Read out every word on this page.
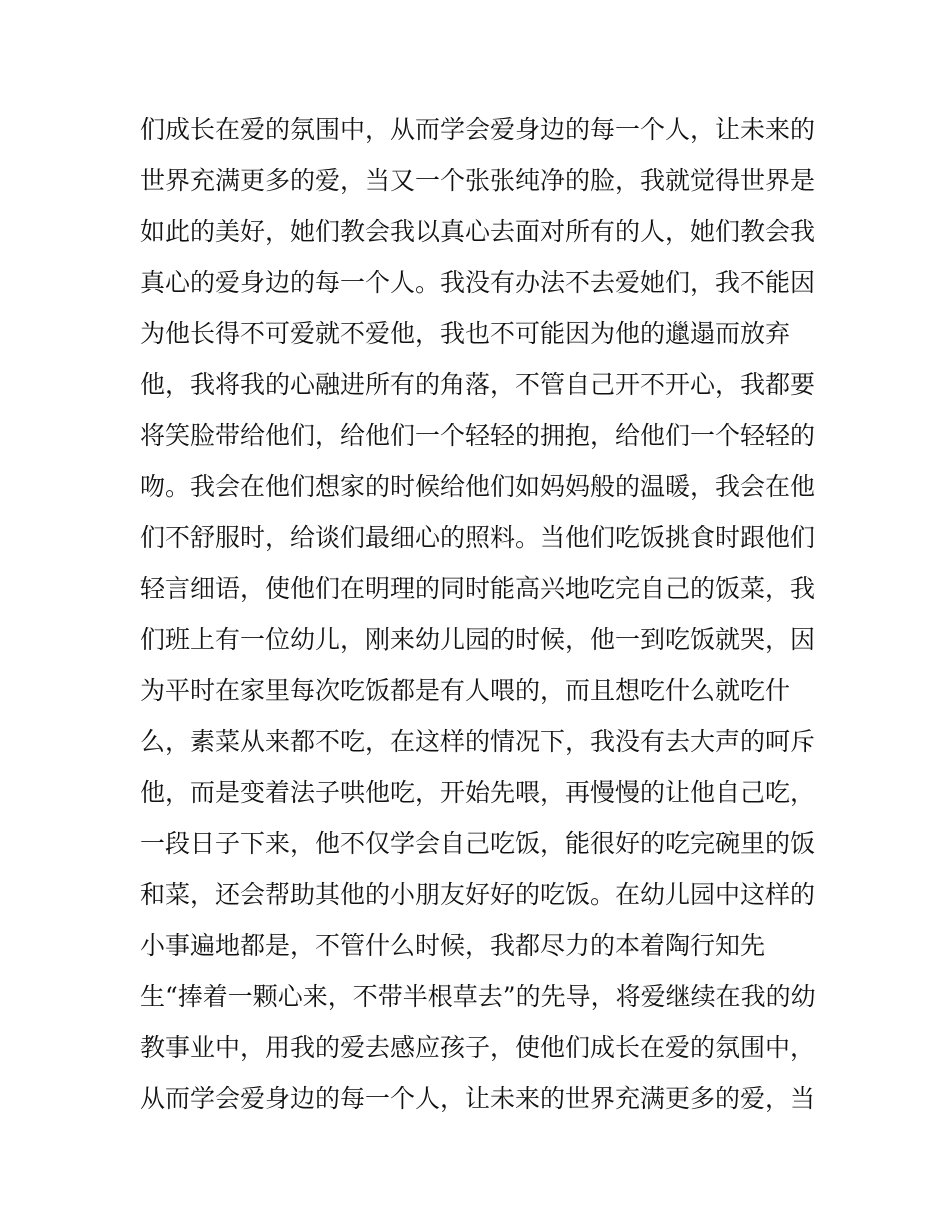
们成长在爱的氛围中，从而学会爱身边的每一个人，让未来的
世界充满更多的爱，当又一个张张纯净的脸，我就觉得世界是
如此的美好，她们教会我以真心去面对所有的人，她们教会我
真心的爱身边的每一个人。我没有办法不去爱她们，我不能因
为他长得不可爱就不爱他，我也不可能因为他的邋遢而放弃
他，我将我的心融进所有的角落，不管自己开不开心，我都要
将笑脸带给他们，给他们一个轻轻的拥抱，给他们一个轻轻的
吻。我会在他们想家的时候给他们如妈妈般的温暖，我会在他
们不舒服时，给谈们最细心的照料。当他们吃饭挑食时跟他们
轻言细语，使他们在明理的同时能高兴地吃完自己的饭菜，我
们班上有一位幼儿，刚来幼儿园的时候，他一到吃饭就哭，因
为平时在家里每次吃饭都是有人喂的，而且想吃什么就吃什
么，素菜从来都不吃，在这样的情况下，我没有去大声的呵斥
他，而是变着法子哄他吃，开始先喂，再慢慢的让他自己吃，
一段日子下来，他不仅学会自己吃饭，能很好的吃完碗里的饭
和菜，还会帮助其他的小朋友好好的吃饭。在幼儿园中这样的
小事遍地都是，不管什么时候，我都尽力的本着陶行知先
生“捧着一颗心来，不带半根草去”的先导，将爱继续在我的幼
教事业中，用我的爱去感应孩子，使他们成长在爱的氛围中，
从而学会爱身边的每一个人，让未来的世界充满更多的爱，当
